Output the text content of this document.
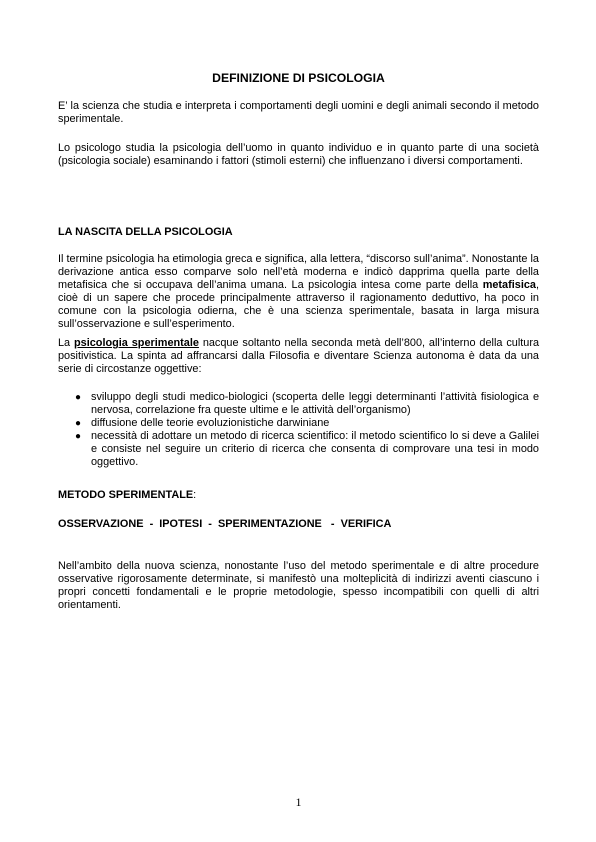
DEFINIZIONE DI PSICOLOGIA

E’ la scienza che studia e interpreta i comportamenti degli uomini e degli animali secondo il metodo sperimentale.

Lo psicologo studia la psicologia dell’uomo in quanto individuo e in quanto parte di una società (psicologia sociale) esaminando i fattori (stimoli esterni) che influenzano i diversi comportamenti.

LA NASCITA DELLA PSICOLOGIA

Il termine psicologia ha etimologia greca e significa, alla lettera, “discorso sull’anima”. Nonostante la derivazione antica esso comparve solo nell’età moderna e indicò dapprima quella parte della metafisica che si occupava dell’anima umana. La psicologia intesa come parte della metafisica, cioè di un sapere che procede principalmente attraverso il ragionamento deduttivo, ha poco in comune con la psicologia odierna, che è una scienza sperimentale, basata in larga misura sull’osservazione e sull’esperimento.

La psicologia sperimentale nacque soltanto nella seconda metà dell’800, all’interno della cultura positivistica. La spinta ad affrancarsi dalla Filosofia e diventare Scienza autonoma è data da una serie di circostanze oggettive:

● sviluppo degli studi medico-biologici (scoperta delle leggi determinanti l’attività fisiologica e nervosa, correlazione fra queste ultime e le attività dell’organismo)
● diffusione delle teorie evoluzionistiche darwiniane
● necessità di adottare un metodo di ricerca scientifico: il metodo scientifico lo si deve a Galilei e consiste nel seguire un criterio di ricerca che consenta di comprovare una tesi in modo oggettivo.

METODO SPERIMENTALE:

OSSERVAZIONE  -  IPOTESI  -  SPERIMENTAZIONE   -  VERIFICA

Nell’ambito della nuova scienza, nonostante l’uso del metodo sperimentale e di altre procedure osservative rigorosamente determinate, si manifestò una molteplicità di indirizzi aventi ciascuno i propri concetti fondamentali e le proprie metodologie, spesso incompatibili con quelli di altri orientamenti.

1
